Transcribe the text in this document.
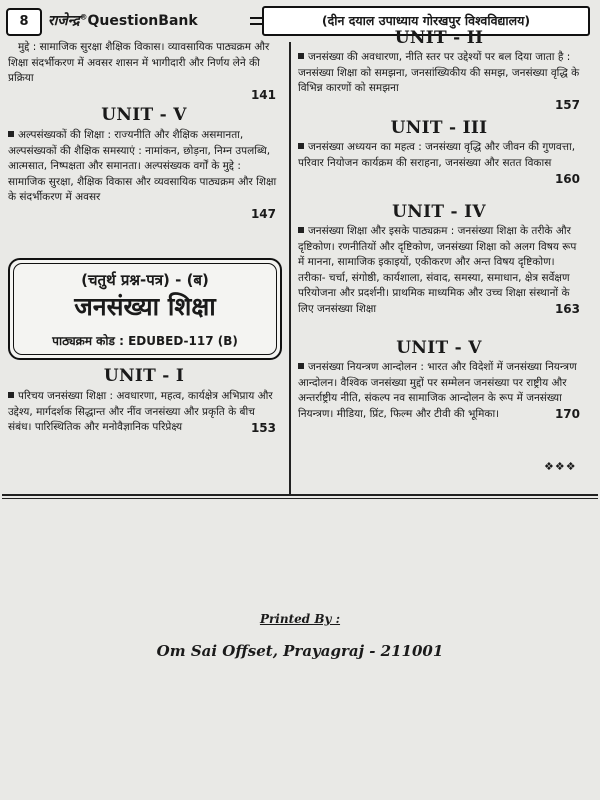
8	राजेन्द्र®QuestionBank	(दीन दयाल उपाध्याय गोरखपुर विश्वविद्यालय)
मुद्दे : सामाजिक सुरक्षा शैक्षिक विकास। व्यावसायिक पाठ्यक्रम और शिक्षा संदर्भीकरण में अवसर शासन में भागीदारी और निर्णय लेने की प्रक्रिया
141
UNIT - V
अल्पसंख्यकों की शिक्षा : राज्यनीति और शैक्षिक असमानता, अल्पसंख्यकों की शैक्षिक समस्याएं : नामांकन, छोड़ना, निम्न उपलब्धि, आत्मसात, निष्पक्षता और समानता। अल्पसंख्यक वर्गों के मुद्दे : सामाजिक सुरक्षा, शैक्षिक विकास और व्यवसायिक पाठ्यक्रम और शिक्षा के संदर्भीकरण में अवसर
147
(चतुर्थ प्रश्न-पत्र) - (ब)
जनसंख्या शिक्षा
पाठ्यक्रम कोड : EDUBED-117 (B)
UNIT - I
परिचय जनसंख्या शिक्षा : अवधारणा, महत्व, कार्यक्षेत्र अभिप्राय और उद्देश्य, मार्गदर्शक सिद्धान्त और नींव जनसंख्या और प्रकृति के बीच संबंध। पारिस्थितिक और मनोवैज्ञानिक परिप्रेक्ष्य	153
UNIT - II
जनसंख्या की अवधारणा, नीति स्तर पर उद्देश्यों पर बल दिया जाता है : जनसंख्या शिक्षा को समझना, जनसांख्यिकीय की समझ, जनसंख्या वृद्धि के विभिन्न कारणों को समझना
157
UNIT - III
जनसंख्या अध्ययन का महत्व : जनसंख्या वृद्धि और जीवन की गुणवत्ता, परिवार नियोजन कार्यक्रम की सराहना, जनसंख्या और सतत विकास
160
UNIT - IV
जनसंख्या शिक्षा और इसके पाठ्यक्रम : जनसंख्या शिक्षा के तरीके और दृष्टिकोण। रणनीतियों और दृष्टिकोण, जनसंख्या शिक्षा को अलग विषय रूप में मानना, सामाजिक इकाइयों, एकीकरण और अन्त विषय दृष्टिकोण। तरीका- चर्चा, संगोष्ठी, कार्यशाला, संवाद, समस्या, समाधान, क्षेत्र सर्वेक्षण परियोजना और प्रदर्शनी। प्राथमिक माध्यमिक और उच्च शिक्षा संस्थानों के लिए जनसंख्या शिक्षा	163
UNIT - V
जनसंख्या नियन्त्रण आन्दोलन : भारत और विदेशों में जनसंख्या नियन्त्रण आन्दोलन। वैश्विक जनसंख्या मुद्दों पर सम्मेलन जनसंख्या पर राष्ट्रीय और अन्तर्राष्ट्रीय नीति, संकल्प नव सामाजिक आन्दोलन के रूप में जनसंख्या नियन्त्रण। मीडिया, प्रिंट, फिल्म और टीवी की भूमिका।	170
❖❖❖
Printed By :
Om Sai Offset, Prayagraj - 211001
